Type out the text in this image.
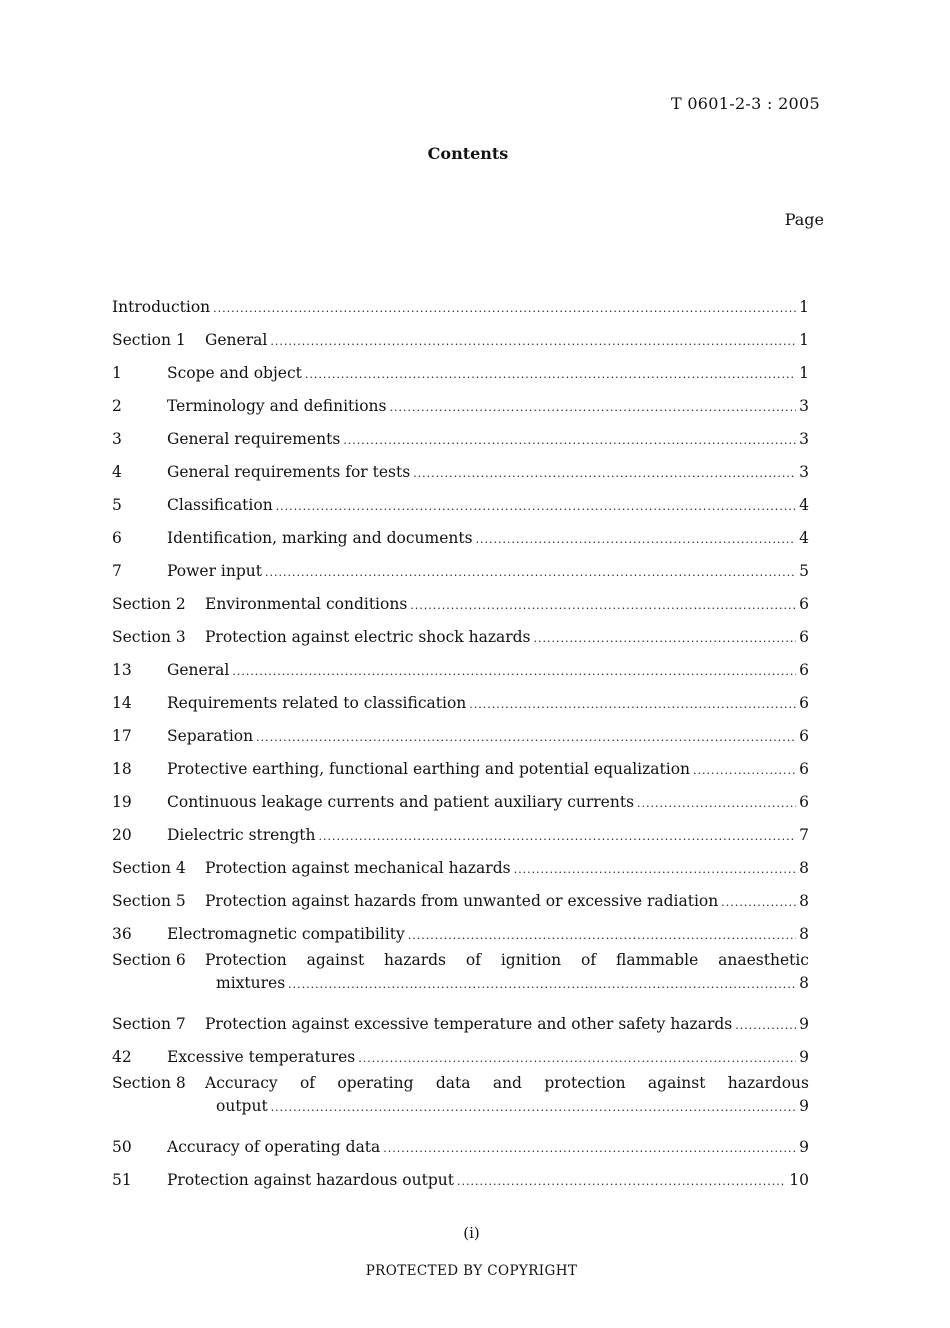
T 0601-2-3 : 2005
Contents
Page
Introduction .....	1
Section 1	General .....	1
1	Scope and object .....	1
2	Terminology and definitions .....	3
3	General requirements .....	3
4	General requirements for tests .....	3
5	Classification .....	4
6	Identification, marking and documents .....	4
7	Power input .....	5
Section 2	Environmental conditions .....	6
Section 3	Protection against electric shock hazards .....	6
13	General .....	6
14	Requirements related to classification .....	6
17	Separation .....	6
18	Protective earthing, functional earthing and potential equalization .....	6
19	Continuous leakage currents and patient auxiliary currents .....	6
20	Dielectric strength .....	7
Section 4	Protection against mechanical hazards .....	8
Section 5	Protection against hazards from unwanted or excessive radiation .....	8
36	Electromagnetic compatibility .....	8
Section 6	Protection against hazards of ignition of flammable anaesthetic
mixtures .....	8
Section 7	Protection against excessive temperature and other safety hazards .....	9
42	Excessive temperatures .....	9
Section 8	Accuracy of operating data and protection against hazardous
output .....	9
50	Accuracy of operating data .....	9
51	Protection against hazardous output .....	10
(i)
PROTECTED BY COPYRIGHT
